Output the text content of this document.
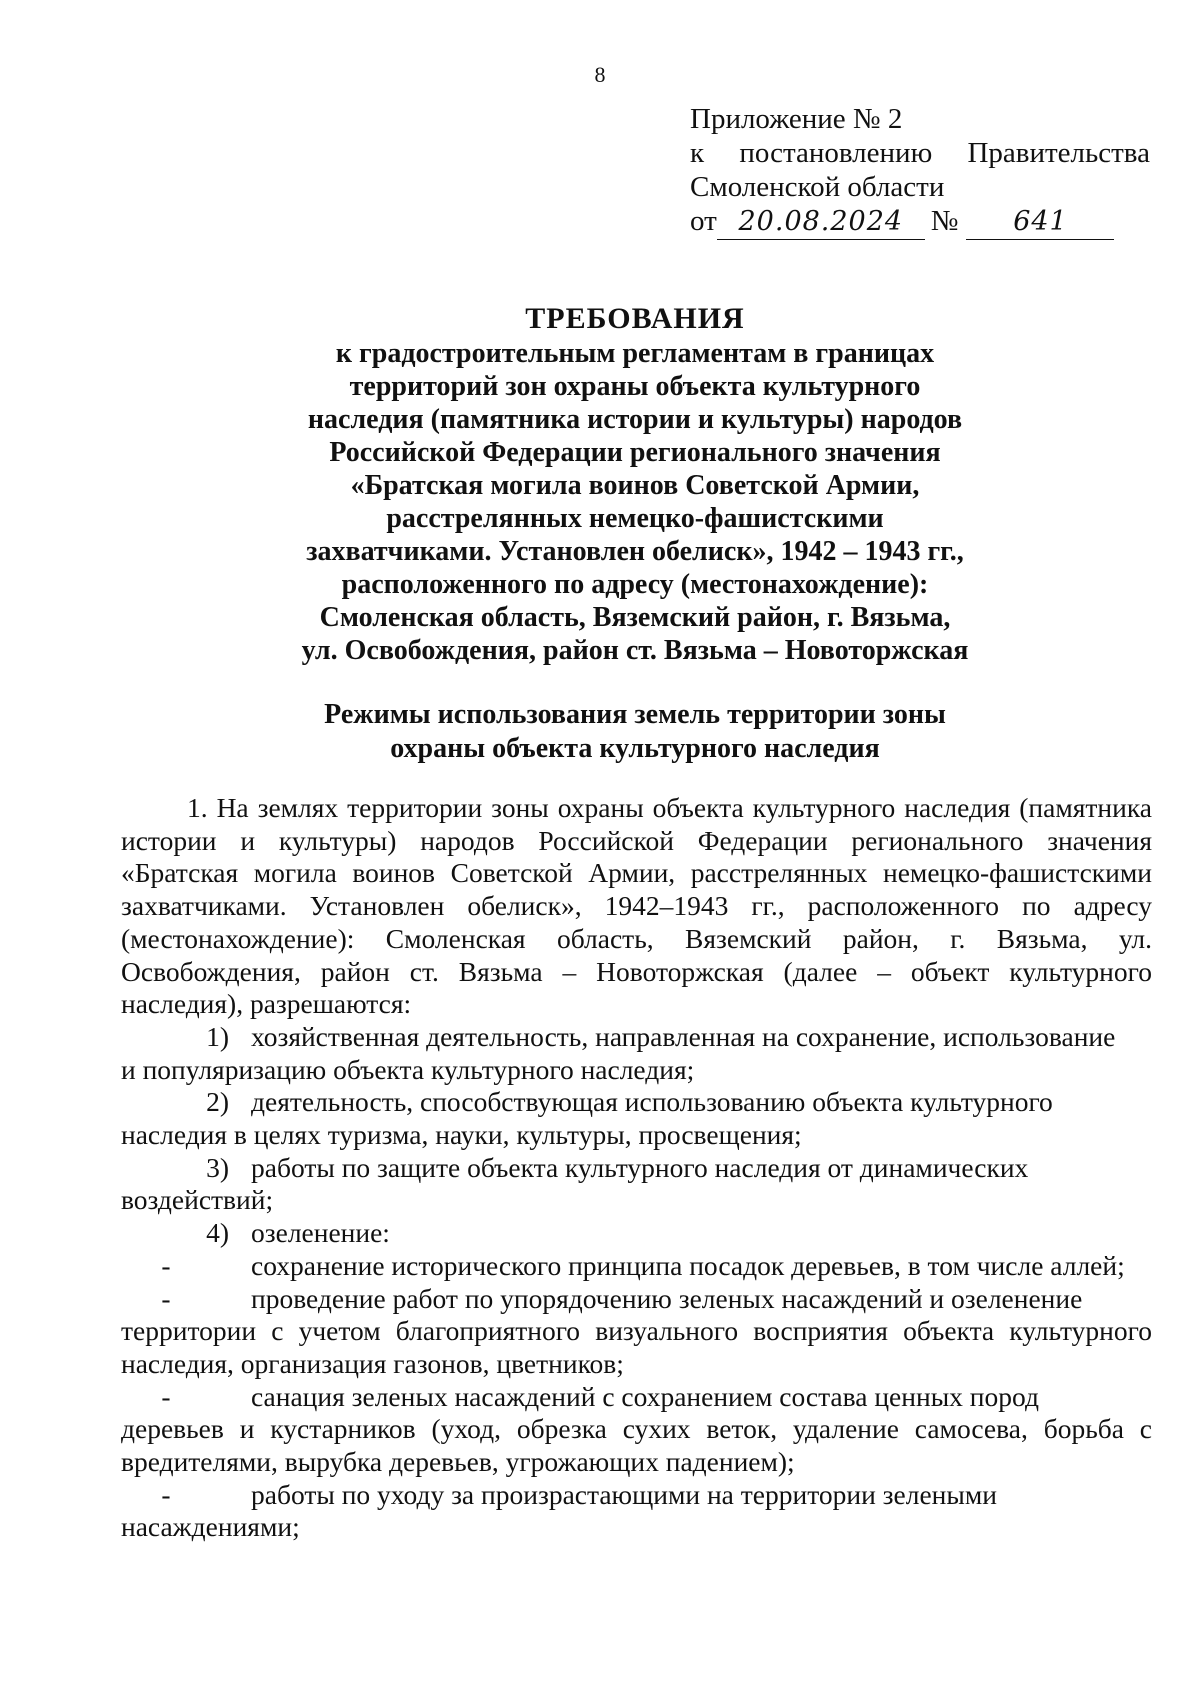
8
Приложение № 2
к постановлению Правительства
Смоленской области
от 20.08.2024 №	641
ТРЕБОВАНИЯ
к градостроительным регламентам в границах
территорий зон охраны объекта культурного
наследия (памятника истории и культуры) народов
Российской Федерации регионального значения
«Братская могила воинов Советской Армии,
расстрелянных немецко-фашистскими
захватчиками. Установлен обелиск», 1942 – 1943 гг.,
расположенного по адресу (местонахождение):
Смоленская область, Вяземский район, г. Вязьма,
ул. Освобождения, район ст. Вязьма – Новоторжская
Режимы использования земель территории зоны
охраны объекта культурного наследия

1. На землях территории зоны охраны объекта культурного наследия (памятника истории и культуры) народов Российской Федерации регионального значения «Братская могила воинов Советской Армии, расстрелянных немецко-фашистскими захватчиками. Установлен обелиск», 1942–1943 гг., расположенного по адресу (местонахождение): Смоленская область, Вяземский район, г. Вязьма, ул. Освобождения, район ст. Вязьма – Новоторжская (далее – объект культурного наследия), разрешаются:

1) хозяйственная деятельность, направленная на сохранение, использование

и популяризацию объекта культурного наследия;

2) деятельность, способствующая использованию объекта культурного

наследия в целях туризма, науки, культуры, просвещения;

3) работы по защите объекта культурного наследия от динамических

воздействий;

4) озеленение:
-	сохранение исторического принципа посадок деревьев, в том числе аллей;
-	проведение работ по упорядочению зеленых насаждений и озеленение

территории с учетом благоприятного визуального восприятия объекта культурного наследия, организация газонов, цветников;

-	санация зеленых насаждений с сохранением состава ценных пород

деревьев и кустарников (уход, обрезка сухих веток, удаление самосева, борьба с вредителями, вырубка деревьев, угрожающих падением);

-	работы по уходу за произрастающими на территории зелеными

насаждениями;
